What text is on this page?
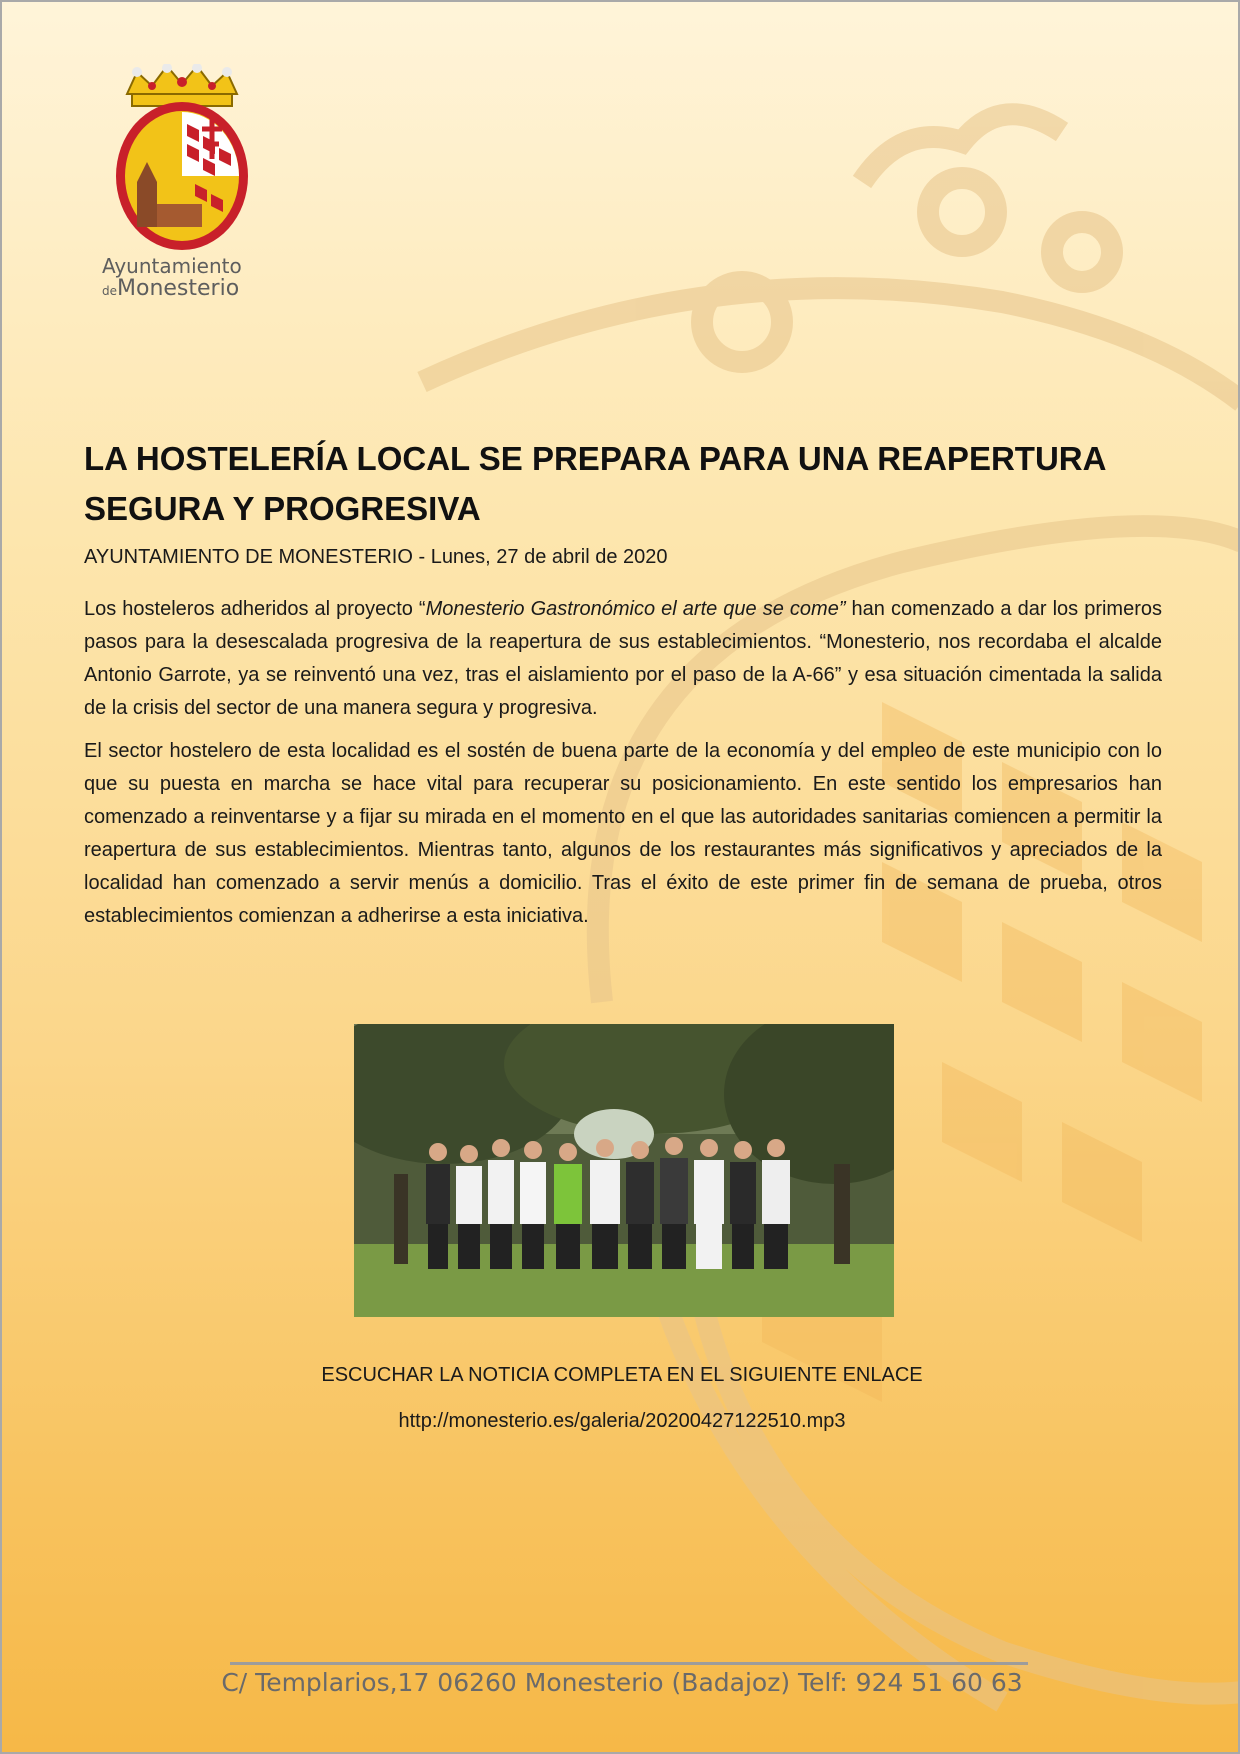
Ayuntamiento
deMonesterio
LA HOSTELERÍA LOCAL SE PREPARA PARA UNA REAPERTURA SEGURA Y PROGRESIVA

AYUNTAMIENTO DE MONESTERIO - Lunes, 27 de abril de 2020

Los hosteleros adheridos al proyecto “Monesterio Gastronómico el arte que se come” han comenzado a dar los primeros pasos para la desescalada progresiva de la reapertura de sus establecimientos. “Monesterio, nos recordaba el alcalde Antonio Garrote, ya se reinventó una vez, tras el aislamiento por el paso de la A-66” y esa situación cimentada la salida de la crisis del sector de una manera segura y progresiva.

El sector hostelero de esta localidad es el sostén de buena parte de la economía y del empleo de este municipio con lo que su puesta en marcha se hace vital para recuperar su posicionamiento. En este sentido los empresarios han comenzado a reinventarse y a fijar su mirada en el momento en el que las autoridades sanitarias comiencen a permitir la reapertura de sus establecimientos. Mientras tanto, algunos de los restaurantes más significativos y apreciados de la localidad han comenzado a servir menús a domicilio. Tras el éxito de este primer fin de semana de prueba, otros establecimientos comienzan a adherirse a esta iniciativa.

ESCUCHAR LA NOTICIA COMPLETA EN EL SIGUIENTE ENLACE
http://monesterio.es/galeria/20200427122510.mp3
C/ Templarios,17 06260 Monesterio (Badajoz) Telf: 924 51 60 63
